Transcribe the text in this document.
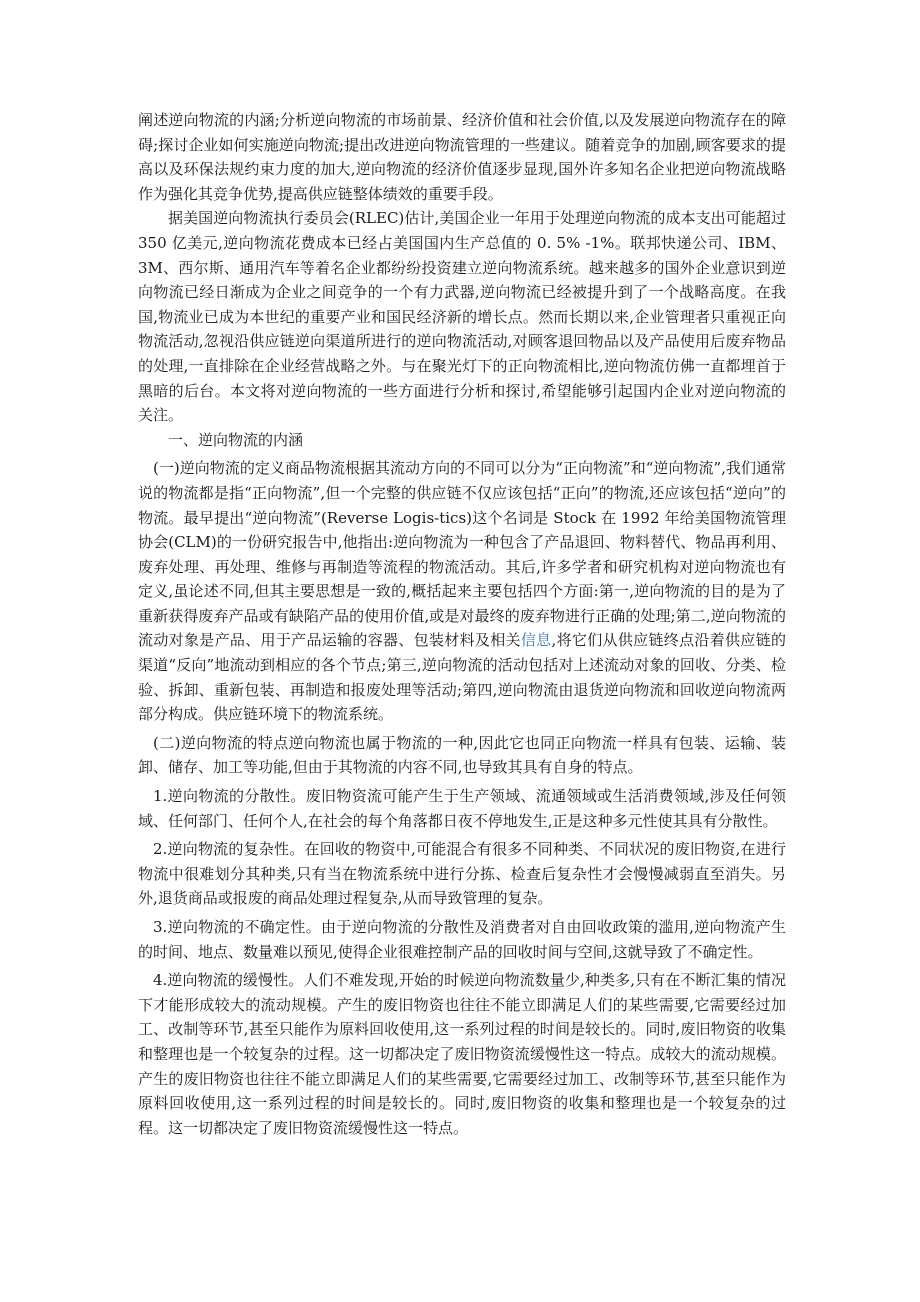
阐述逆向物流的内涵;分析逆向物流的市场前景、经济价值和社会价值,以及发展逆向物流存在的障碍;探讨企业如何实施逆向物流;提出改进逆向物流管理的一些建议。随着竞争的加剧,顾客要求的提高以及环保法规约束力度的加大,逆向物流的经济价值逐步显现,国外许多知名企业把逆向物流战略作为强化其竞争优势,提高供应链整体绩效的重要手段。

据美国逆向物流执行委员会(RLEC)估计,美国企业一年用于处理逆向物流的成本支出可能超过 350 亿美元,逆向物流花费成本已经占美国国内生产总值的 0. 5% -1%。联邦快递公司、IBM、3M、西尔斯、通用汽车等着名企业都纷纷投资建立逆向物流系统。越来越多的国外企业意识到逆向物流已经日渐成为企业之间竞争的一个有力武器,逆向物流已经被提升到了一个战略高度。在我国,物流业已成为本世纪的重要产业和国民经济新的增长点。然而长期以来,企业管理者只重视正向物流活动,忽视沿供应链逆向渠道所进行的逆向物流活动,对顾客退回物品以及产品使用后废弃物品的处理,一直排除在企业经营战略之外。与在聚光灯下的正向物流相比,逆向物流仿佛一直都埋首于黑暗的后台。本文将对逆向物流的一些方面进行分析和探讨,希望能够引起国内企业对逆向物流的关注。

一、逆向物流的内涵

(一)逆向物流的定义商品物流根据其流动方向的不同可以分为“正向物流”和“逆向物流”,我们通常说的物流都是指“正向物流”,但一个完整的供应链不仅应该包括“正向”的物流,还应该包括“逆向”的物流。最早提出“逆向物流”(Reverse Logis-tics)这个名词是 Stock 在 1992 年给美国物流管理协会(CLM)的一份研究报告中,他指出:逆向物流为一种包含了产品退回、物料替代、物品再利用、废弃处理、再处理、维修与再制造等流程的物流活动。其后,许多学者和研究机构对逆向物流也有定义,虽论述不同,但其主要思想是一致的,概括起来主要包括四个方面:第一,逆向物流的目的是为了重新获得废弃产品或有缺陷产品的使用价值,或是对最终的废弃物进行正确的处理;第二,逆向物流的流动对象是产品、用于产品运输的容器、包装材料及相关信息,将它们从供应链终点沿着供应链的渠道“反向”地流动到相应的各个节点;第三,逆向物流的活动包括对上述流动对象的回收、分类、检验、拆卸、重新包装、再制造和报废处理等活动;第四,逆向物流由退货逆向物流和回收逆向物流两部分构成。供应链环境下的物流系统。

(二)逆向物流的特点逆向物流也属于物流的一种,因此它也同正向物流一样具有包装、运输、装卸、储存、加工等功能,但由于其物流的内容不同,也导致其具有自身的特点。

1.逆向物流的分散性。废旧物资流可能产生于生产领域、流通领域或生活消费领域,涉及任何领域、任何部门、任何个人,在社会的每个角落都日夜不停地发生,正是这种多元性使其具有分散性。

2.逆向物流的复杂性。在回收的物资中,可能混合有很多不同种类、不同状况的废旧物资,在进行物流中很难划分其种类,只有当在物流系统中进行分拣、检查后复杂性才会慢慢减弱直至消失。另外,退货商品或报废的商品处理过程复杂,从而导致管理的复杂。

3.逆向物流的不确定性。由于逆向物流的分散性及消费者对自由回收政策的滥用,逆向物流产生的时间、地点、数量难以预见,使得企业很难控制产品的回收时间与空间,这就导致了不确定性。

4.逆向物流的缓慢性。人们不难发现,开始的时候逆向物流数量少,种类多,只有在不断汇集的情况下才能形成较大的流动规模。产生的废旧物资也往往不能立即满足人们的某些需要,它需要经过加工、改制等环节,甚至只能作为原料回收使用,这一系列过程的时间是较长的。同时,废旧物资的收集和整理也是一个较复杂的过程。这一切都决定了废旧物资流缓慢性这一特点。成较大的流动规模。产生的废旧物资也往往不能立即满足人们的某些需要,它需要经过加工、改制等环节,甚至只能作为原料回收使用,这一系列过程的时间是较长的。同时,废旧物资的收集和整理也是一个较复杂的过程。这一切都决定了废旧物资流缓慢性这一特点。
